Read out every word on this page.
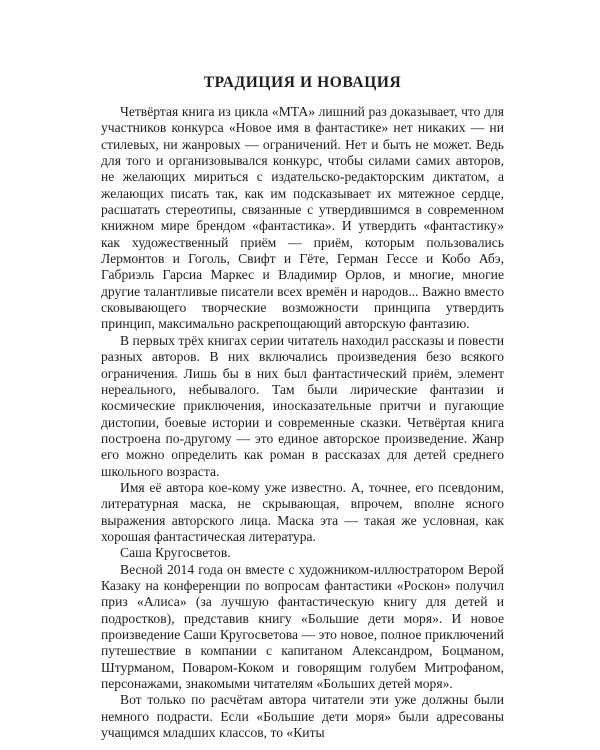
ТРАДИЦИЯ И НОВАЦИЯ

Четвёртая книга из цикла «МТА» лишний раз доказывает, что для участников конкурса «Новое имя в фантастике» нет никаких — ни стилевых, ни жанровых — ограничений. Нет и быть не может. Ведь для того и организовывался конкурс, чтобы силами самих авторов, не желающих мириться с издательско-редакторским диктатом, а желающих писать так, как им подсказывает их мятежное сердце, расшатать стереотипы, связанные с утвердившимся в современном книжном мире брендом «фантастика». И утвердить «фантастику» как художественный приём — приём, которым пользовались Лермонтов и Гоголь, Свифт и Гёте, Герман Гессе и Кобо Абэ, Габриэль Гарсиа Маркес и Владимир Орлов, и многие, многие другие талантливые писатели всех времён и народов... Важно вместо сковывающего творческие возможности принципа утвердить принцип, максимально раскрепощающий авторскую фантазию.

В первых трёх книгах серии читатель находил рассказы и повести разных авторов. В них включались произведения безо всякого ограничения. Лишь бы в них был фантастический приём, элемент нереального, небывалого. Там были лирические фантазии и космические приключения, иносказательные притчи и пугающие дистопии, боевые истории и современные сказки. Четвёртая книга построена по-другому — это единое авторское произведение. Жанр его можно определить как роман в рассказах для детей среднего школьного возраста.

Имя её автора кое-кому уже известно. А, точнее, его псевдоним, литературная маска, не скрывающая, впрочем, вполне ясного выражения авторского лица. Маска эта — такая же условная, как хорошая фантастическая литература.

Саша Кругосветов.

Весной 2014 года он вместе с художником-иллюстратором Верой Казаку на конференции по вопросам фантастики «Роскон» получил приз «Алиса» (за лучшую фантастическую книгу для детей и подростков), представив книгу «Большие дети моря». И новое произведение Саши Кругосветова — это новое, полное приключений путешествие в компании с капитаном Александром, Боцманом, Штурманом, Поваром-Коком и говорящим голубем Митрофаном, персонажами, знакомыми читателям «Больших детей моря».

Вот только по расчётам автора читатели эти уже должны были немного подрасти. Если «Большие дети моря» были адресованы учащимся младших классов, то «Киты
